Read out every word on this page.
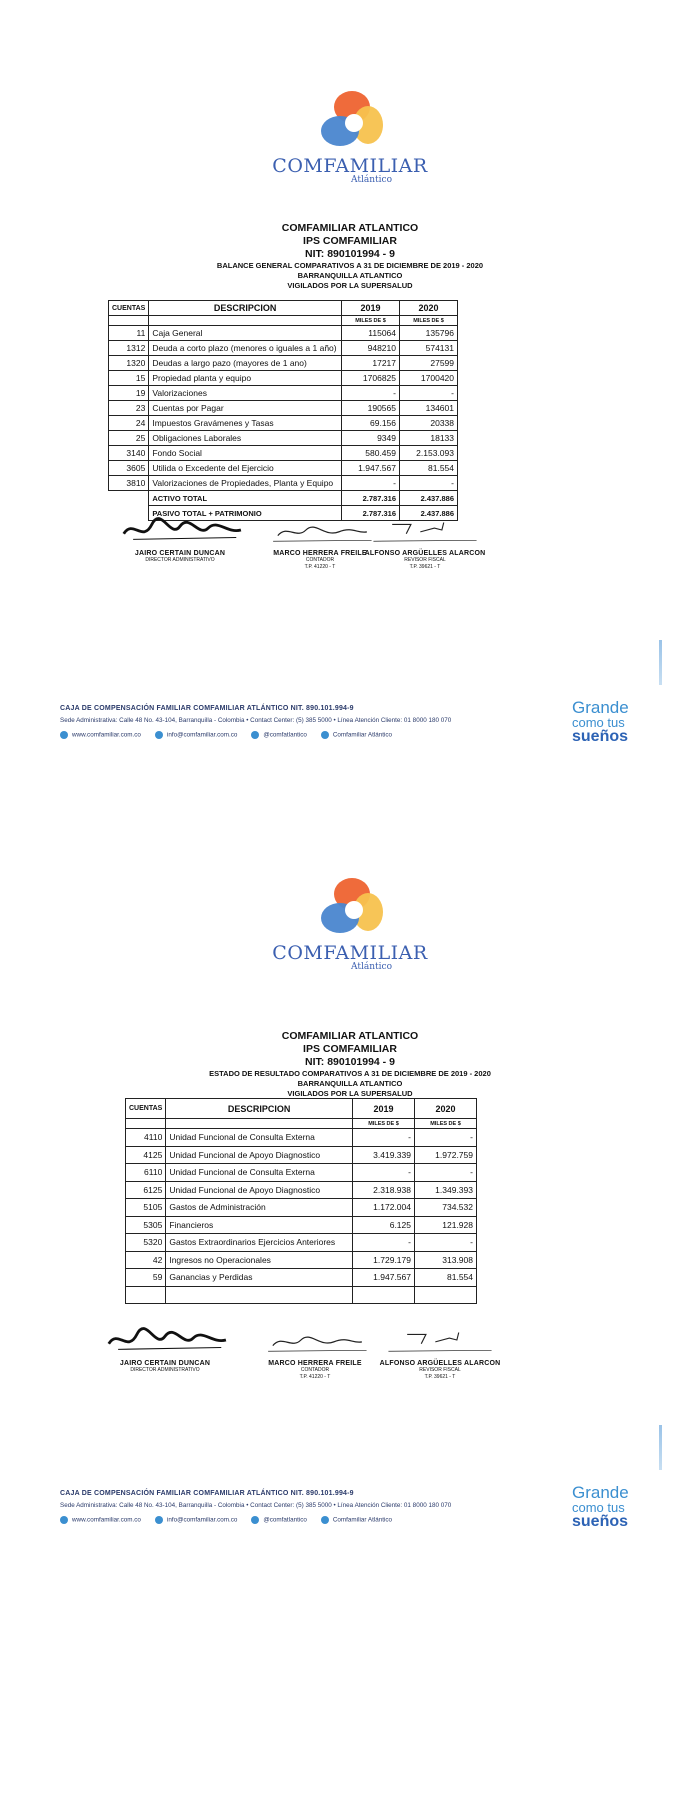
COMFAMILIAR
Atlántico
COMFAMILIAR ATLANTICO
IPS COMFAMILIAR
NIT: 890101994 - 9
BALANCE GENERAL COMPARATIVOS A 31 DE DICIEMBRE DE 2019 - 2020
BARRANQUILLA ATLANTICO
VIGILADOS POR LA SUPERSALUD
CUENTAS	DESCRIPCION	2019	2020
		MILES DE $	MILES DE $
11	Caja General	115064	135796
1312	Deuda a corto plazo (menores o iguales a 1 año)	948210	574131
1320	Deudas a largo pazo (mayores de 1 ano)	17217	27599
15	Propiedad planta y equipo	1706825	1700420
19	Valorizaciones	-	-
23	Cuentas por Pagar	190565	134601
24	Impuestos Gravámenes y Tasas	69.156	20338
25	Obligaciones Laborales	9349	18133
3140	Fondo Social	580.459	2.153.093
3605	Utilida o Excedente del Ejercicio	1.947.567	81.554
3810	Valorizaciones de Propiedades, Planta y Equipo	-	-
	ACTIVO TOTAL	2.787.316	2.437.886
	PASIVO TOTAL + PATRIMONIO	2.787.316	2.437.886
JAIRO CERTAIN DUNCAN
DIRECTOR ADMINISTRATIVO
MARCO HERRERA FREILE
CONTADOR
T.P. 41220 - T
ALFONSO ARGÜELLES ALARCON
REVISOR FISCAL
T.P. 39621 - T
CAJA DE COMPENSACIÓN FAMILIAR COMFAMILIAR ATLÁNTICO NIT. 890.101.994-9
Sede Administrativa: Calle 48 No. 43-104, Barranquilla - Colombia • Contact Center: (5) 385 5000 • Línea Atención Cliente: 01 8000 180 070
www.comfamiliar.com.co	info@comfamiliar.com.co	@comfatlantico	Comfamiliar Atlántico
Grande
como tus
sueños
COMFAMILIAR
Atlántico
COMFAMILIAR ATLANTICO
IPS COMFAMILIAR
NIT: 890101994 - 9
ESTADO DE RESULTADO COMPARATIVOS A 31 DE DICIEMBRE DE 2019 - 2020
BARRANQUILLA ATLANTICO
VIGILADOS POR LA SUPERSALUD
CUENTAS	DESCRIPCION	2019	2020
		MILES DE $	MILES DE $
4110	Unidad Funcional de Consulta Externa	-	-
4125	Unidad Funcional de Apoyo Diagnostico	3.419.339	1.972.759
6110	Unidad Funcional de Consulta Externa	-	-
6125	Unidad Funcional de Apoyo Diagnostico	2.318.938	1.349.393
5105	Gastos de Administración	1.172.004	734.532
5305	Financieros	6.125	121.928
5320	Gastos Extraordinarios Ejercicios Anteriores	-	-
42	Ingresos no Operacionales	1.729.179	313.908
59	Ganancias y Perdidas	1.947.567	81.554

JAIRO CERTAIN DUNCAN
DIRECTOR ADMINISTRATIVO
MARCO HERRERA FREILE
CONTADOR
T.P. 41220 - T
ALFONSO ARGÜELLES ALARCON
REVISOR FISCAL
T.P. 39621 - T
CAJA DE COMPENSACIÓN FAMILIAR COMFAMILIAR ATLÁNTICO NIT. 890.101.994-9
Sede Administrativa: Calle 48 No. 43-104, Barranquilla - Colombia • Contact Center: (5) 385 5000 • Línea Atención Cliente: 01 8000 180 070
www.comfamiliar.com.co	info@comfamiliar.com.co	@comfatlantico	Comfamiliar Atlántico
Grande
como tus
sueños
